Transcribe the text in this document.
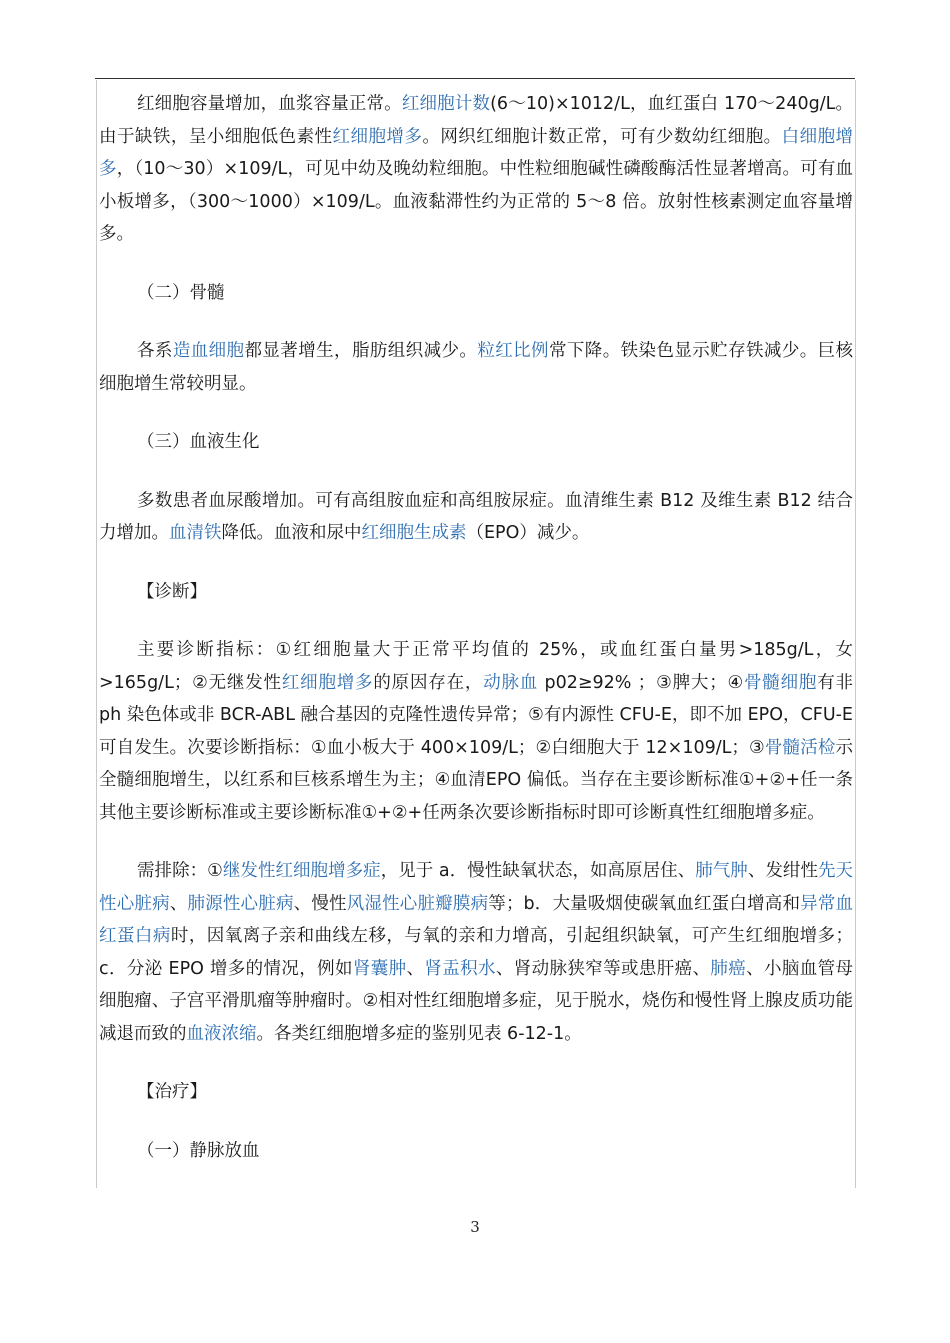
红细胞容量增加，血浆容量正常。红细胞计数(6～10)×1012/L，血红蛋白 170～240g/L。由于缺铁，呈小细胞低色素性红细胞增多。网织红细胞计数正常，可有少数幼红细胞。白细胞增多，（10～30）×109/L，可见中幼及晚幼粒细胞。中性粒细胞碱性磷酸酶活性显著增高。可有血小板增多，（300～1000）×109/L。血液黏滞性约为正常的 5～8 倍。放射性核素测定血容量增多。

（二）骨髓

各系造血细胞都显著增生，脂肪组织减少。粒红比例常下降。铁染色显示贮存铁减少。巨核细胞增生常较明显。

（三）血液生化

多数患者血尿酸增加。可有高组胺血症和高组胺尿症。血清维生素 B12 及维生素 B12 结合力增加。血清铁降低。血液和尿中红细胞生成素（EPO）减少。

【诊断】

主要诊断指标：①红细胞量大于正常平均值的 25%，或血红蛋白量男>185g/L，女>165g/L；②无继发性红细胞增多的原因存在，动脉血 p02≥92% ；③脾大；④骨髓细胞有非 ph 染色体或非 BCR-ABL 融合基因的克隆性遗传异常；⑤有内源性 CFU-E，即不加 EPO，CFU-E 可自发生。次要诊断指标：①血小板大于 400×109/L；②白细胞大于 12×109/L；③骨髓活检示全髓细胞增生，以红系和巨核系增生为主；④血清EPO 偏低。当存在主要诊断标准①+②+任一条其他主要诊断标准或主要诊断标准①+②+任两条次要诊断指标时即可诊断真性红细胞增多症。

需排除：①继发性红细胞增多症，见于 a．慢性缺氧状态，如高原居住、肺气肿、发绀性先天性心脏病、肺源性心脏病、慢性风湿性心脏瓣膜病等；b．大量吸烟使碳氧血红蛋白增高和异常血红蛋白病时，因氧离子亲和曲线左移，与氧的亲和力增高，引起组织缺氧，可产生红细胞增多；c．分泌 EPO 增多的情况，例如肾囊肿、肾盂积水、肾动脉狭窄等或患肝癌、肺癌、小脑血管母细胞瘤、子宫平滑肌瘤等肿瘤时。②相对性红细胞增多症，见于脱水，烧伤和慢性肾上腺皮质功能减退而致的血液浓缩。各类红细胞增多症的鉴别见表 6-12-1。

【治疗】

（一）静脉放血

3
